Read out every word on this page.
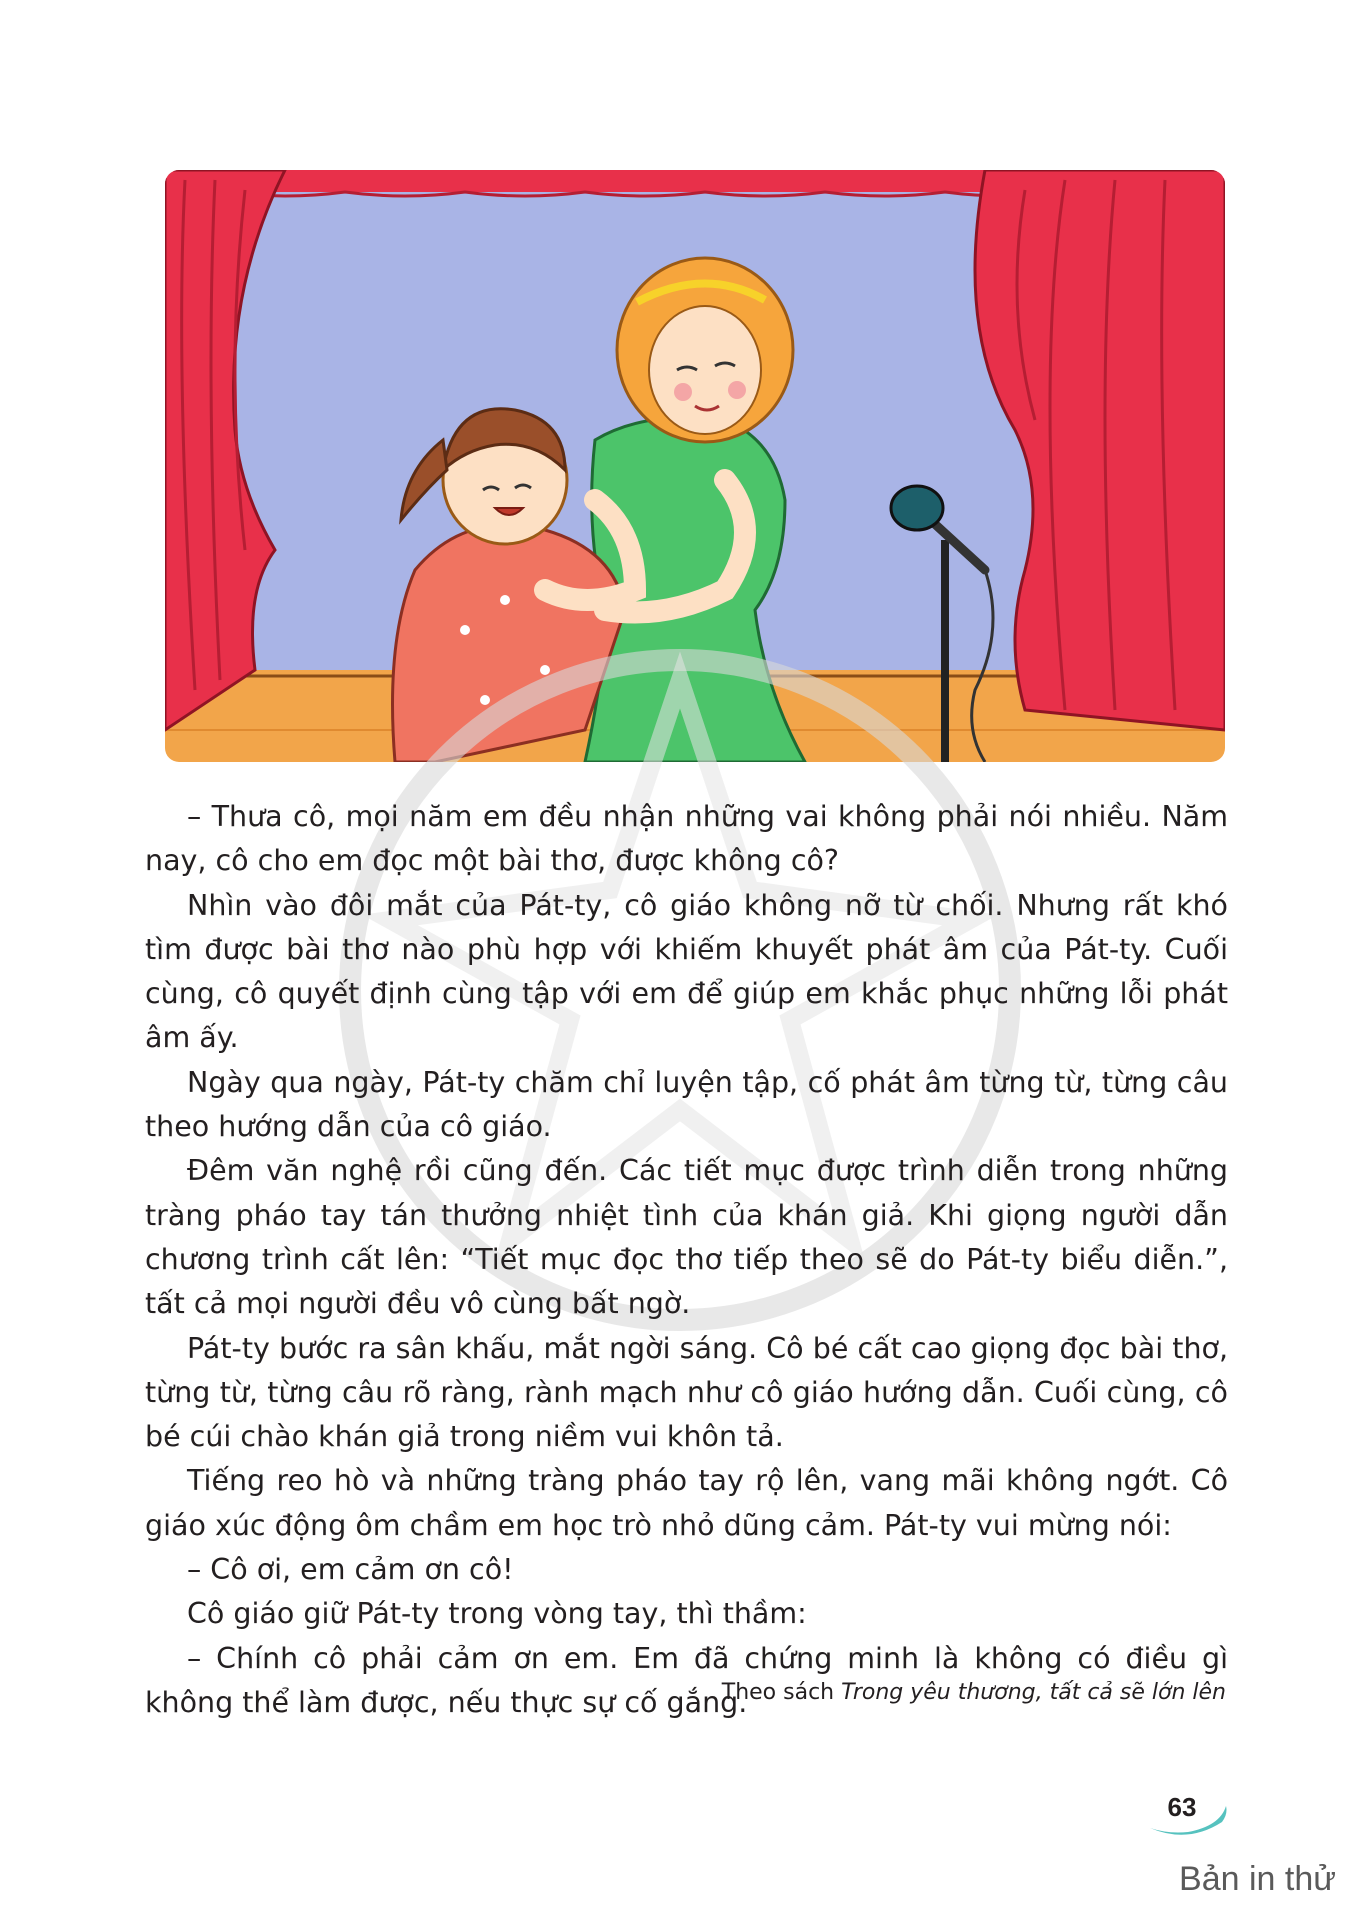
– Thưa cô, mọi năm em đều nhận những vai không phải nói nhiều. Năm nay, cô cho em đọc một bài thơ, được không cô?

Nhìn vào đôi mắt của Pát-ty, cô giáo không nỡ từ chối. Nhưng rất khó tìm được bài thơ nào phù hợp với khiếm khuyết phát âm của Pát-ty. Cuối cùng, cô quyết định cùng tập với em để giúp em khắc phục những lỗi phát âm ấy.

Ngày qua ngày, Pát-ty chăm chỉ luyện tập, cố phát âm từng từ, từng câu theo hướng dẫn của cô giáo.

Đêm văn nghệ rồi cũng đến. Các tiết mục được trình diễn trong những tràng pháo tay tán thưởng nhiệt tình của khán giả. Khi giọng người dẫn chương trình cất lên: “Tiết mục đọc thơ tiếp theo sẽ do Pát-ty biểu diễn.”, tất cả mọi người đều vô cùng bất ngờ.

Pát-ty bước ra sân khấu, mắt ngời sáng. Cô bé cất cao giọng đọc bài thơ, từng từ, từng câu rõ ràng, rành mạch như cô giáo hướng dẫn. Cuối cùng, cô bé cúi chào khán giả trong niềm vui khôn tả.

Tiếng reo hò và những tràng pháo tay rộ lên, vang mãi không ngớt. Cô giáo xúc động ôm chầm em học trò nhỏ dũng cảm. Pát-ty vui mừng nói:

– Cô ơi, em cảm ơn cô!

Cô giáo giữ Pát-ty trong vòng tay, thì thầm:

– Chính cô phải cảm ơn em. Em đã chứng minh là không có điều gì không thể làm được, nếu thực sự cố gắng.

Theo sách Trong yêu thương, tất cả sẽ lớn lên
63
Bản in thử
